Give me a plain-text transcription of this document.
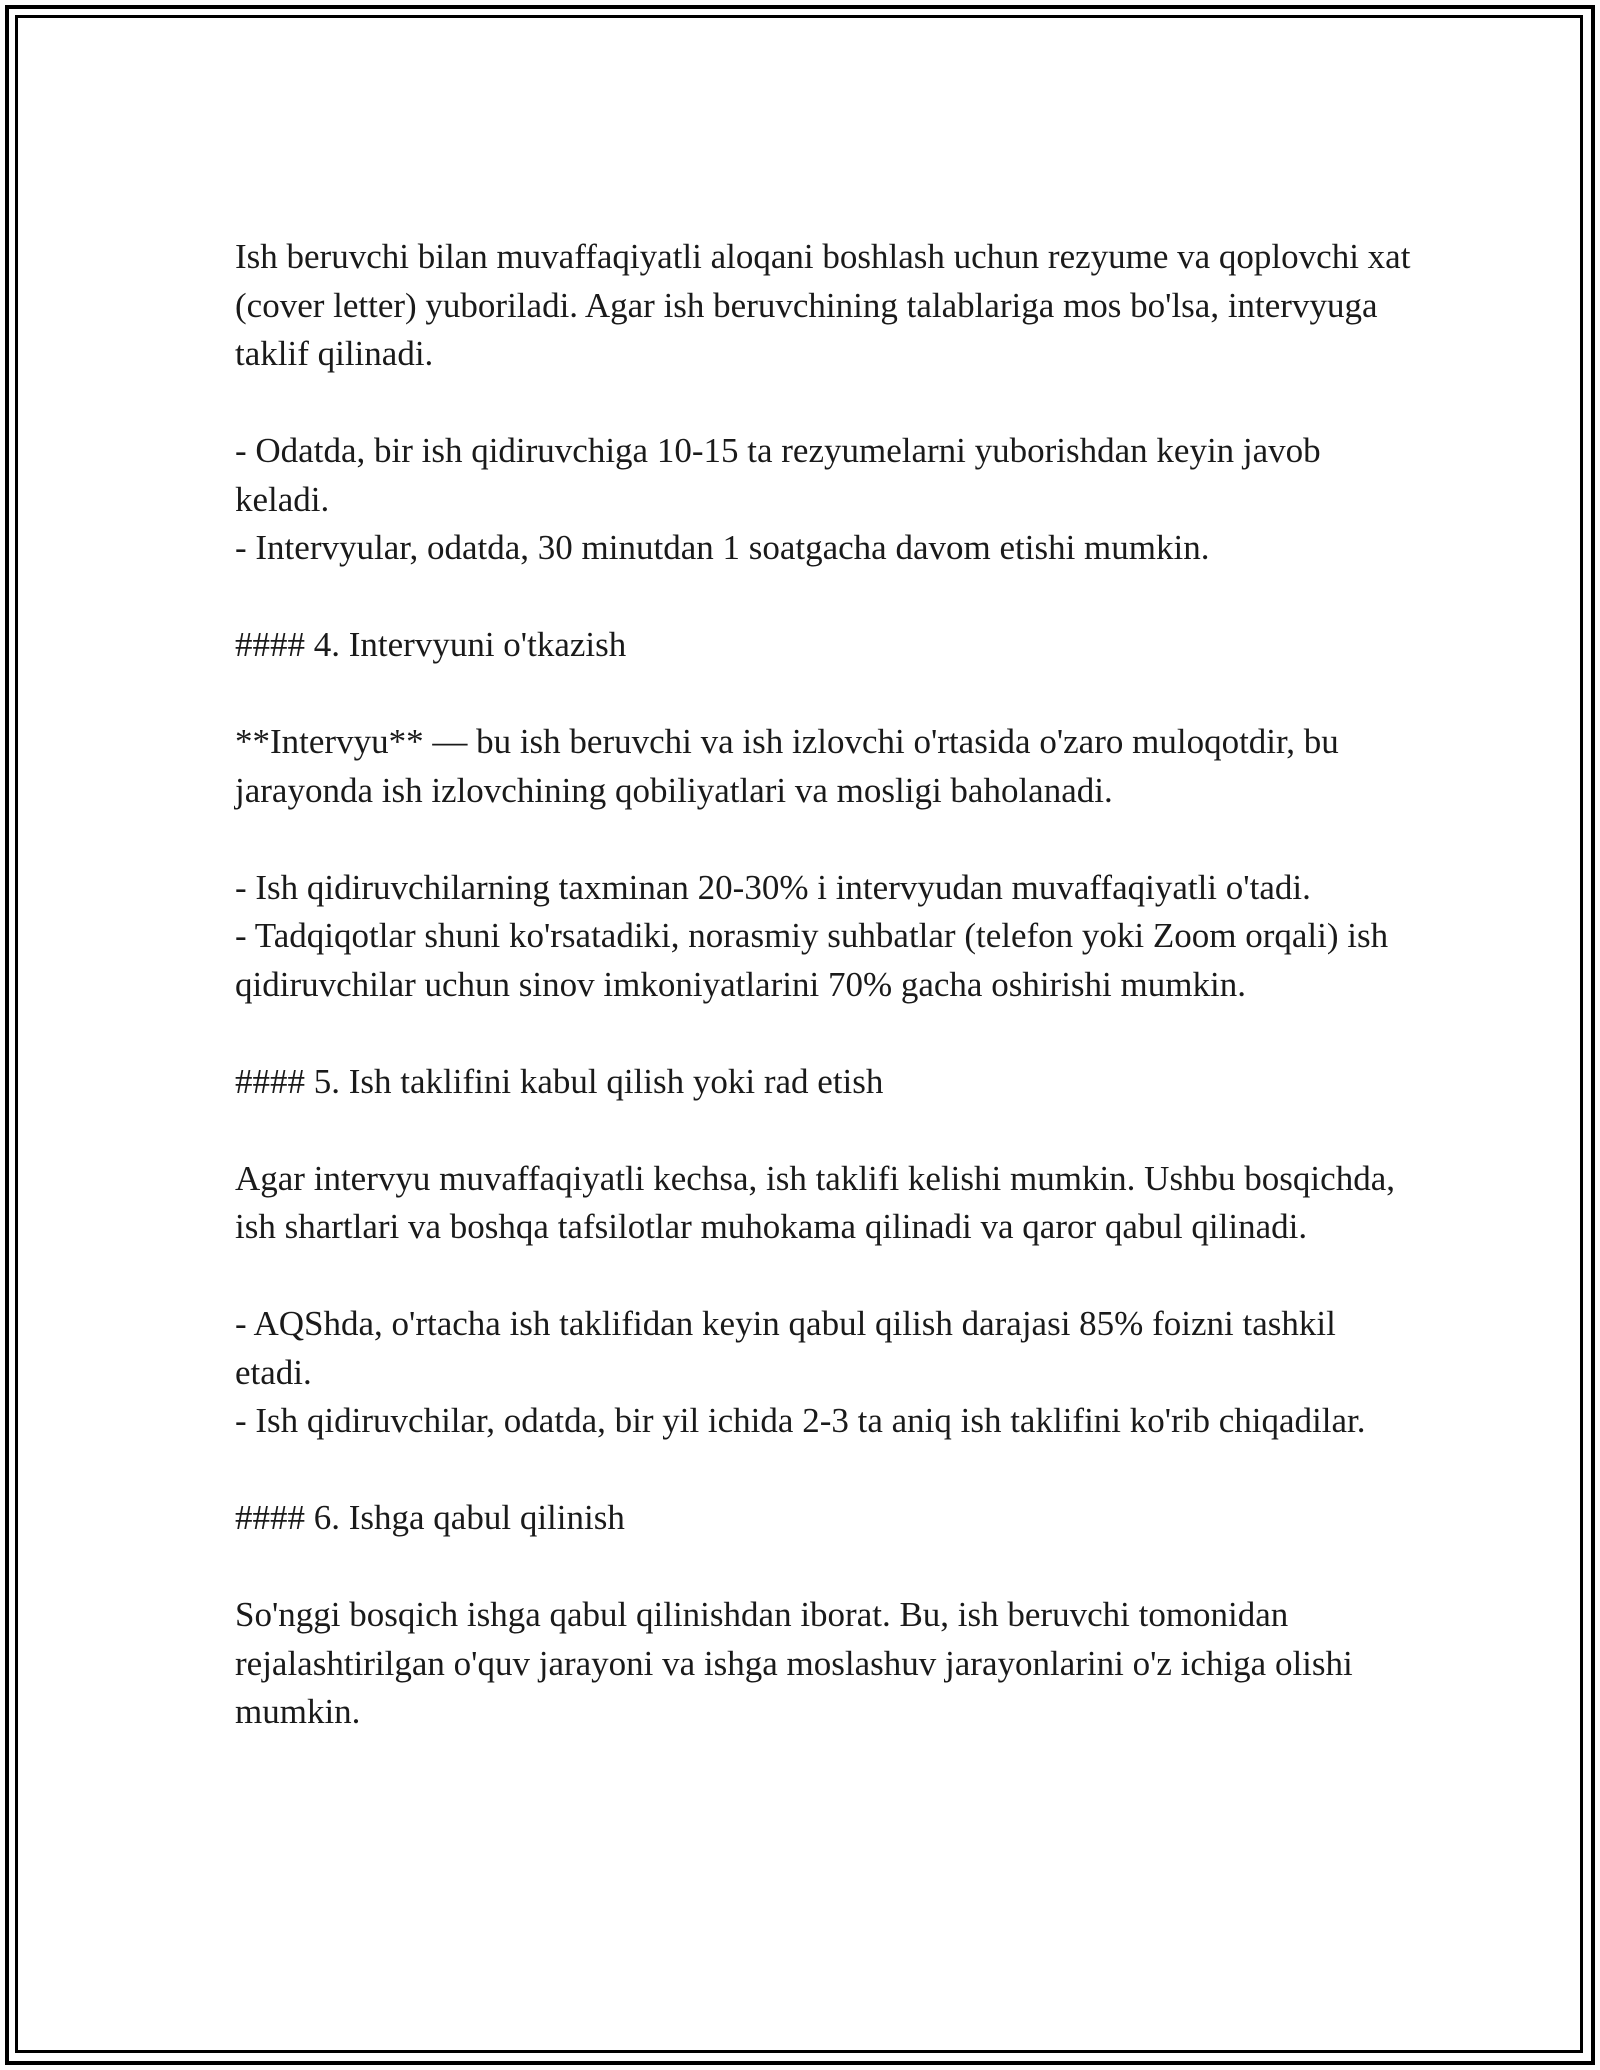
Ish beruvchi bilan muvaffaqiyatli aloqani boshlash uchun rezyume va qoplovchi xat (cover letter) yuboriladi. Agar ish beruvchining talablariga mos bo'lsa, intervyuga taklif qilinadi.

- Odatda, bir ish qidiruvchiga 10-15 ta rezyumelarni yuborishdan keyin javob keladi.

- Intervyular, odatda, 30 minutdan 1 soatgacha davom etishi mumkin.

#### 4. Intervyuni o'tkazish

**Intervyu** — bu ish beruvchi va ish izlovchi o'rtasida o'zaro muloqotdir, bu jarayonda ish izlovchining qobiliyatlari va mosligi baholanadi.

- Ish qidiruvchilarning taxminan 20-30% i intervyudan muvaffaqiyatli o'tadi.

- Tadqiqotlar shuni ko'rsatadiki, norasmiy suhbatlar (telefon yoki Zoom orqali) ish qidiruvchilar uchun sinov imkoniyatlarini 70% gacha oshirishi mumkin.

#### 5. Ish taklifini kabul qilish yoki rad etish

Agar intervyu muvaffaqiyatli kechsa, ish taklifi kelishi mumkin. Ushbu bosqichda, ish shartlari va boshqa tafsilotlar muhokama qilinadi va qaror qabul qilinadi.

- AQShda, o'rtacha ish taklifidan keyin qabul qilish darajasi 85% foizni tashkil etadi.

- Ish qidiruvchilar, odatda, bir yil ichida 2-3 ta aniq ish taklifini ko'rib chiqadilar.

#### 6. Ishga qabul qilinish

So'nggi bosqich ishga qabul qilinishdan iborat. Bu, ish beruvchi tomonidan rejalashtirilgan o'quv jarayoni va ishga moslashuv jarayonlarini o'z ichiga olishi mumkin.
